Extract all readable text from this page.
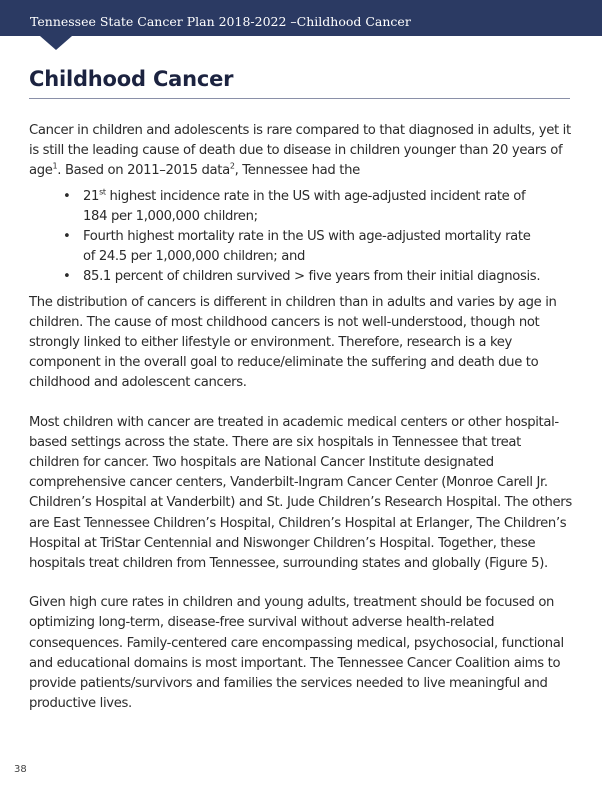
Tennessee State Cancer Plan 2018-2022 –Childhood Cancer
Childhood Cancer

Cancer in children and adolescents is rare compared to that diagnosed in adults, yet it is still the leading cause of death due to disease in children younger than 20 years of age$^1$. Based on 2011–2015 data$^2$, Tennessee had the

• 21st highest incidence rate in the US with age-adjusted incident rate of 184 per 1,000,000 children;
• Fourth highest mortality rate in the US with age-adjusted mortality rate of 24.5 per 1,000,000 children; and
• 85.1 percent of children survived > five years from their initial diagnosis.

The distribution of cancers is different in children than in adults and varies by age in children. The cause of most childhood cancers is not well-understood, though not strongly linked to either lifestyle or environment. Therefore, research is a key component in the overall goal to reduce/eliminate the suffering and death due to childhood and adolescent cancers.

Most children with cancer are treated in academic medical centers or other hospital-based settings across the state. There are six hospitals in Tennessee that treat children for cancer. Two hospitals are National Cancer Institute designated comprehensive cancer centers, Vanderbilt-Ingram Cancer Center (Monroe Carell Jr. Children’s Hospital at Vanderbilt) and St. Jude Children’s Research Hospital. The others are East Tennessee Children’s Hospital, Children’s Hospital at Erlanger, The Children’s Hospital at TriStar Centennial and Niswonger Children’s Hospital. Together, these hospitals treat children from Tennessee, surrounding states and globally (Figure 5).

Given high cure rates in children and young adults, treatment should be focused on optimizing long-term, disease-free survival without adverse health-related consequences. Family-centered care encompassing medical, psychosocial, functional and educational domains is most important. The Tennessee Cancer Coalition aims to provide patients/survivors and families the services needed to live meaningful and productive lives.

38
